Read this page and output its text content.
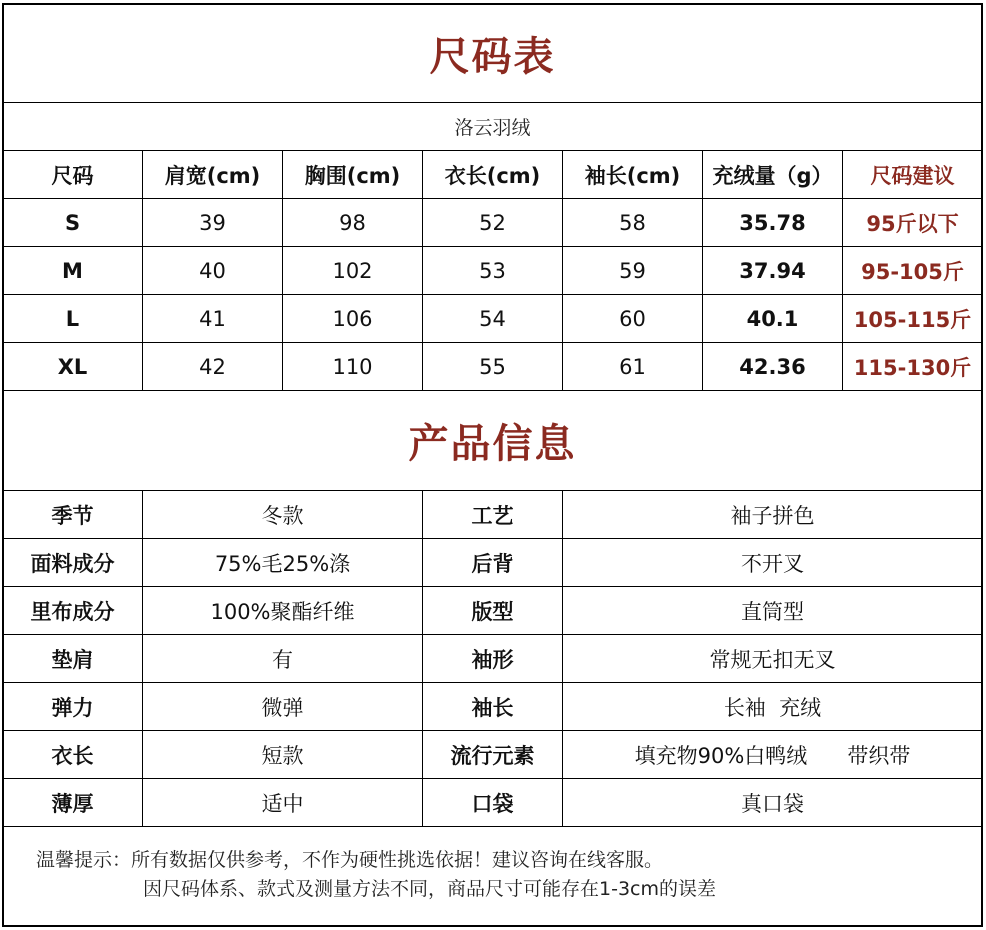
尺码表
洛云羽绒
尺码	肩宽(cm)	胸围(cm)	衣长(cm)	袖长(cm)	充绒量（g）	尺码建议
S	39	98	52	58	35.78	95斤以下
M	40	102	53	59	37.94	95-105斤
L	41	106	54	60	40.1	105-115斤
XL	42	110	55	61	42.36	115-130斤
产品信息
季节	冬款	工艺	袖子拼色
面料成分	75%毛25%涤	后背	不开叉
里布成分	100%聚酯纤维	版型	直筒型
垫肩	有	袖形	常规无扣无叉
弹力	微弹	袖长	长袖  充绒
衣长	短款	流行元素	填充物90%白鸭绒      带织带
薄厚	适中	口袋	真口袋
温馨提示：所有数据仅供参考，不作为硬性挑选依据！建议咨询在线客服。
因尺码体系、款式及测量方法不同，商品尺寸可能存在1-3cm的误差
